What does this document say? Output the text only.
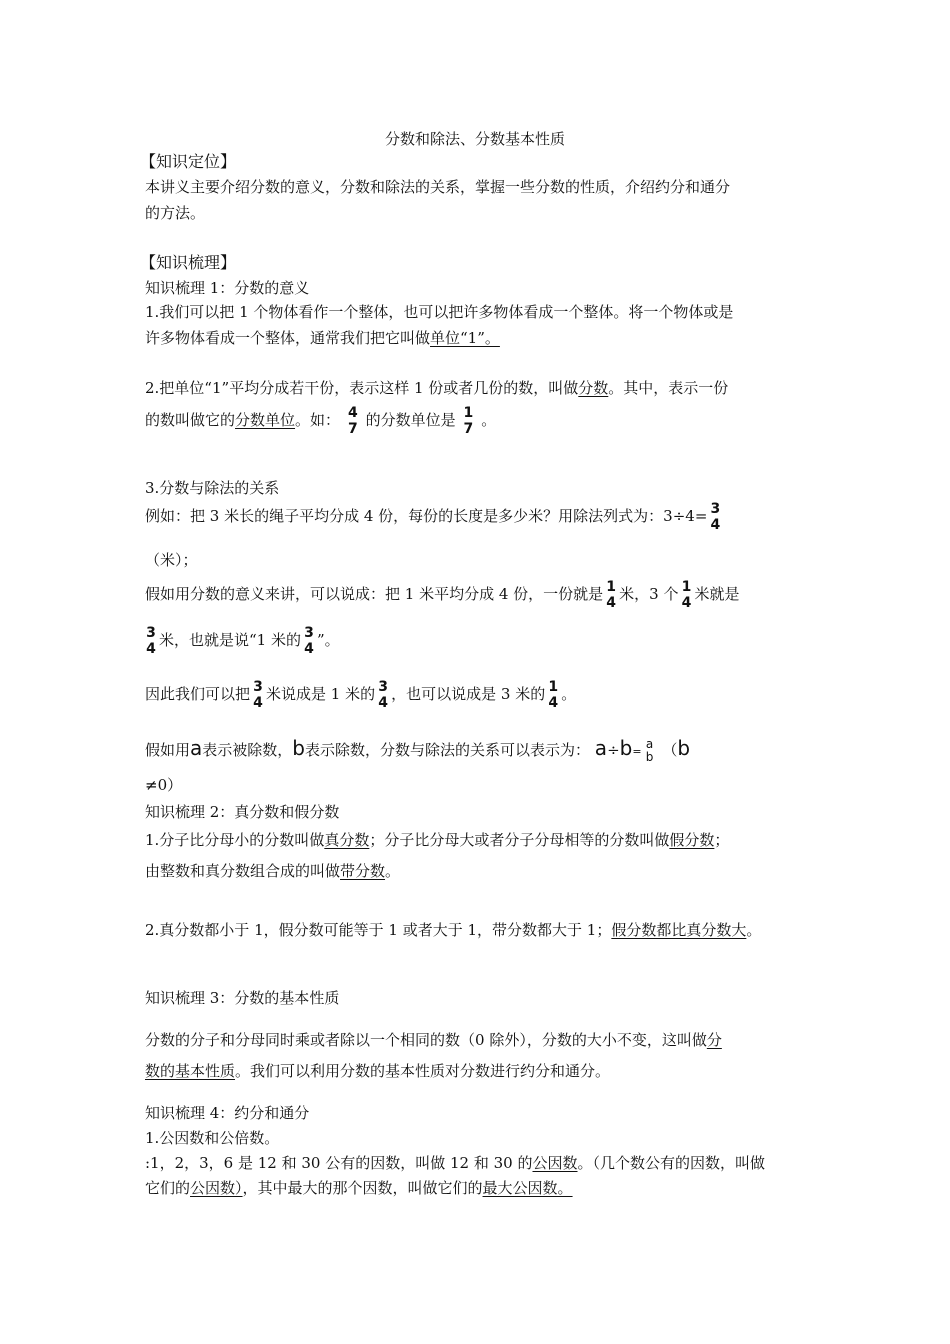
分数和除法、分数基本性质
【知识定位】
本讲义主要介绍分数的意义，分数和除法的关系，掌握一些分数的性质，介绍约分和通分
的方法。
【知识梳理】
知识梳理 1：分数的意义
1.我们可以把 1 个物体看作一个整体，也可以把许多物体看成一个整体。将一个物体或是
许多物体看成一个整体，通常我们把它叫做单位“1”。
2.把单位“1”平均分成若干份，表示这样 1 份或者几份的数，叫做分数。其中，表示一份
的数叫做它的分数单位。如： 4
7 的分数单位是 1
7 。
3.分数与除法的关系
例如：把 3 米长的绳子平均分成 4 份，每份的长度是多少米？用除法列式为：3÷4= 3
4
（米）；
假如用分数的意义来讲，可以说成：把 1 米平均分成 4 份，一份就是 1
4 米，3 个 1
4 米就是
3
4 米，也就是说“1 米的 3
4 ”。
因此我们可以把 3
4 米说成是 1 米的 3
4 ，也可以说成是 3 米的 1
4 。
假如用a表示被除数，b表示除数，分数与除法的关系可以表示为： a÷b=
a
b （b
≠0）
知识梳理 2：真分数和假分数
1.分子比分母小的分数叫做真分数；分子比分母大或者分子分母相等的分数叫做假分数；
由整数和真分数组合成的叫做带分数。
2.真分数都小于 1，假分数可能等于 1 或者大于 1，带分数都大于 1；假分数都比真分数大。
知识梳理 3：分数的基本性质
分数的分子和分母同时乘或者除以一个相同的数（0 除外），分数的大小不变，这叫做分
数的基本性质。我们可以利用分数的基本性质对分数进行约分和通分。
知识梳理 4：约分和通分
1.公因数和公倍数。
:1，2，3，6 是 12 和 30 公有的因数，叫做 12 和 30 的公因数。（几个数公有的因数，叫做
它们的公因数），其中最大的那个因数，叫做它们的最大公因数。
